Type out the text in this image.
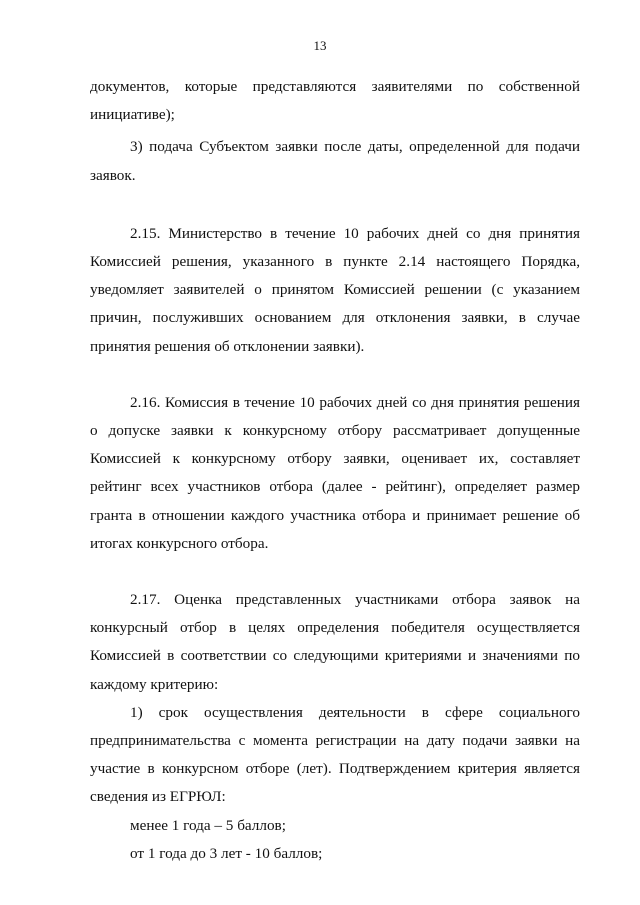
13

документов, которые представляются заявителями по собственной инициативе);

3) подача Субъектом заявки после даты, определенной для подачи заявок.

2.15. Министерство в течение 10 рабочих дней со дня принятия Комиссией решения, указанного в пункте 2.14 настоящего Порядка, уведомляет заявителей о принятом Комиссией решении (с указанием причин, послуживших основанием для отклонения заявки, в случае принятия решения об отклонении заявки).

2.16. Комиссия в течение 10 рабочих дней со дня принятия решения о допуске заявки к конкурсному отбору рассматривает допущенные Комиссией к конкурсному отбору заявки, оценивает их, составляет рейтинг всех участников отбора (далее - рейтинг), определяет размер гранта в отношении каждого участника отбора и принимает решение об итогах конкурсного отбора.

2.17. Оценка представленных участниками отбора заявок на конкурсный отбор в целях определения победителя осуществляется Комиссией в соответствии со следующими критериями и значениями по каждому критерию:

1) срок осуществления деятельности в сфере социального предпринимательства с момента регистрации на дату подачи заявки на участие в конкурсном отборе (лет). Подтверждением критерия является сведения из ЕГРЮЛ:

менее 1 года – 5 баллов;

от 1 года до 3 лет - 10 баллов;
